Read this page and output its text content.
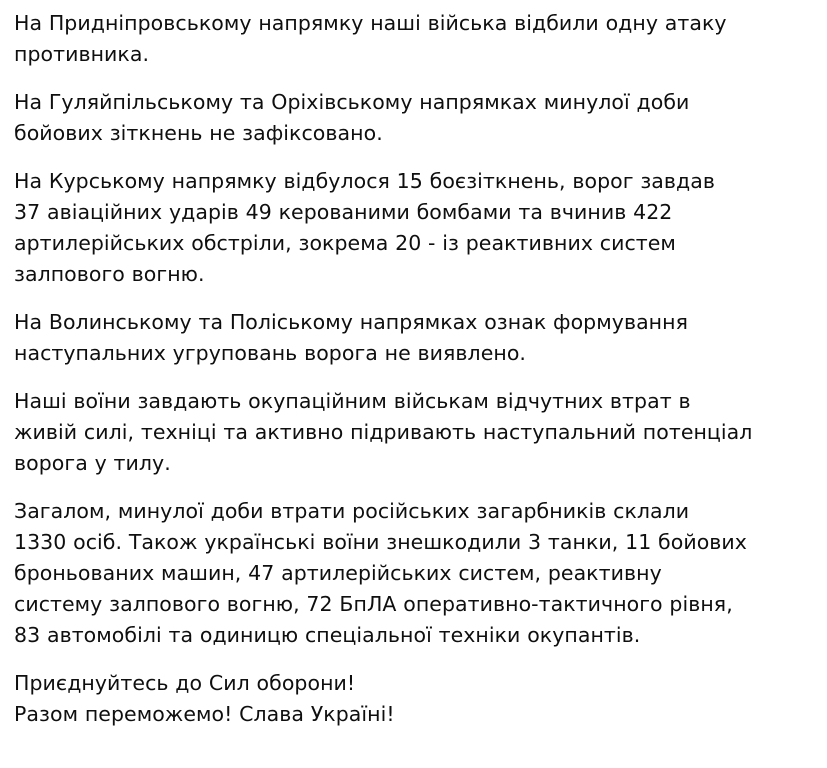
На Придніпровському напрямку наші війська відбили одну атаку
противника.

На Гуляйпільському та Оріхівському напрямках минулої доби
бойових зіткнень не зафіксовано.

На Курському напрямку відбулося 15 боєзіткнень, ворог завдав
37 авіаційних ударів 49 керованими бомбами та вчинив 422
артилерійських обстріли, зокрема 20 - із реактивних систем
залпового вогню.

На Волинському та Поліському напрямках ознак формування
наступальних угруповань ворога не виявлено.

Наші воїни завдають окупаційним військам відчутних втрат в
живій силі, техніці та активно підривають наступальний потенціал
ворога у тилу.

Загалом, минулої доби втрати російських загарбників склали
1330 осіб. Також українські воїни знешкодили 3 танки, 11 бойових
броньованих машин, 47 артилерійських систем, реактивну
систему залпового вогню, 72 БпЛА оперативно-тактичного рівня,
83 автомобілі та одиницю спеціальної техніки окупантів.

Приєднуйтесь до Сил оборони!
Разом переможемо! Слава Україні!
